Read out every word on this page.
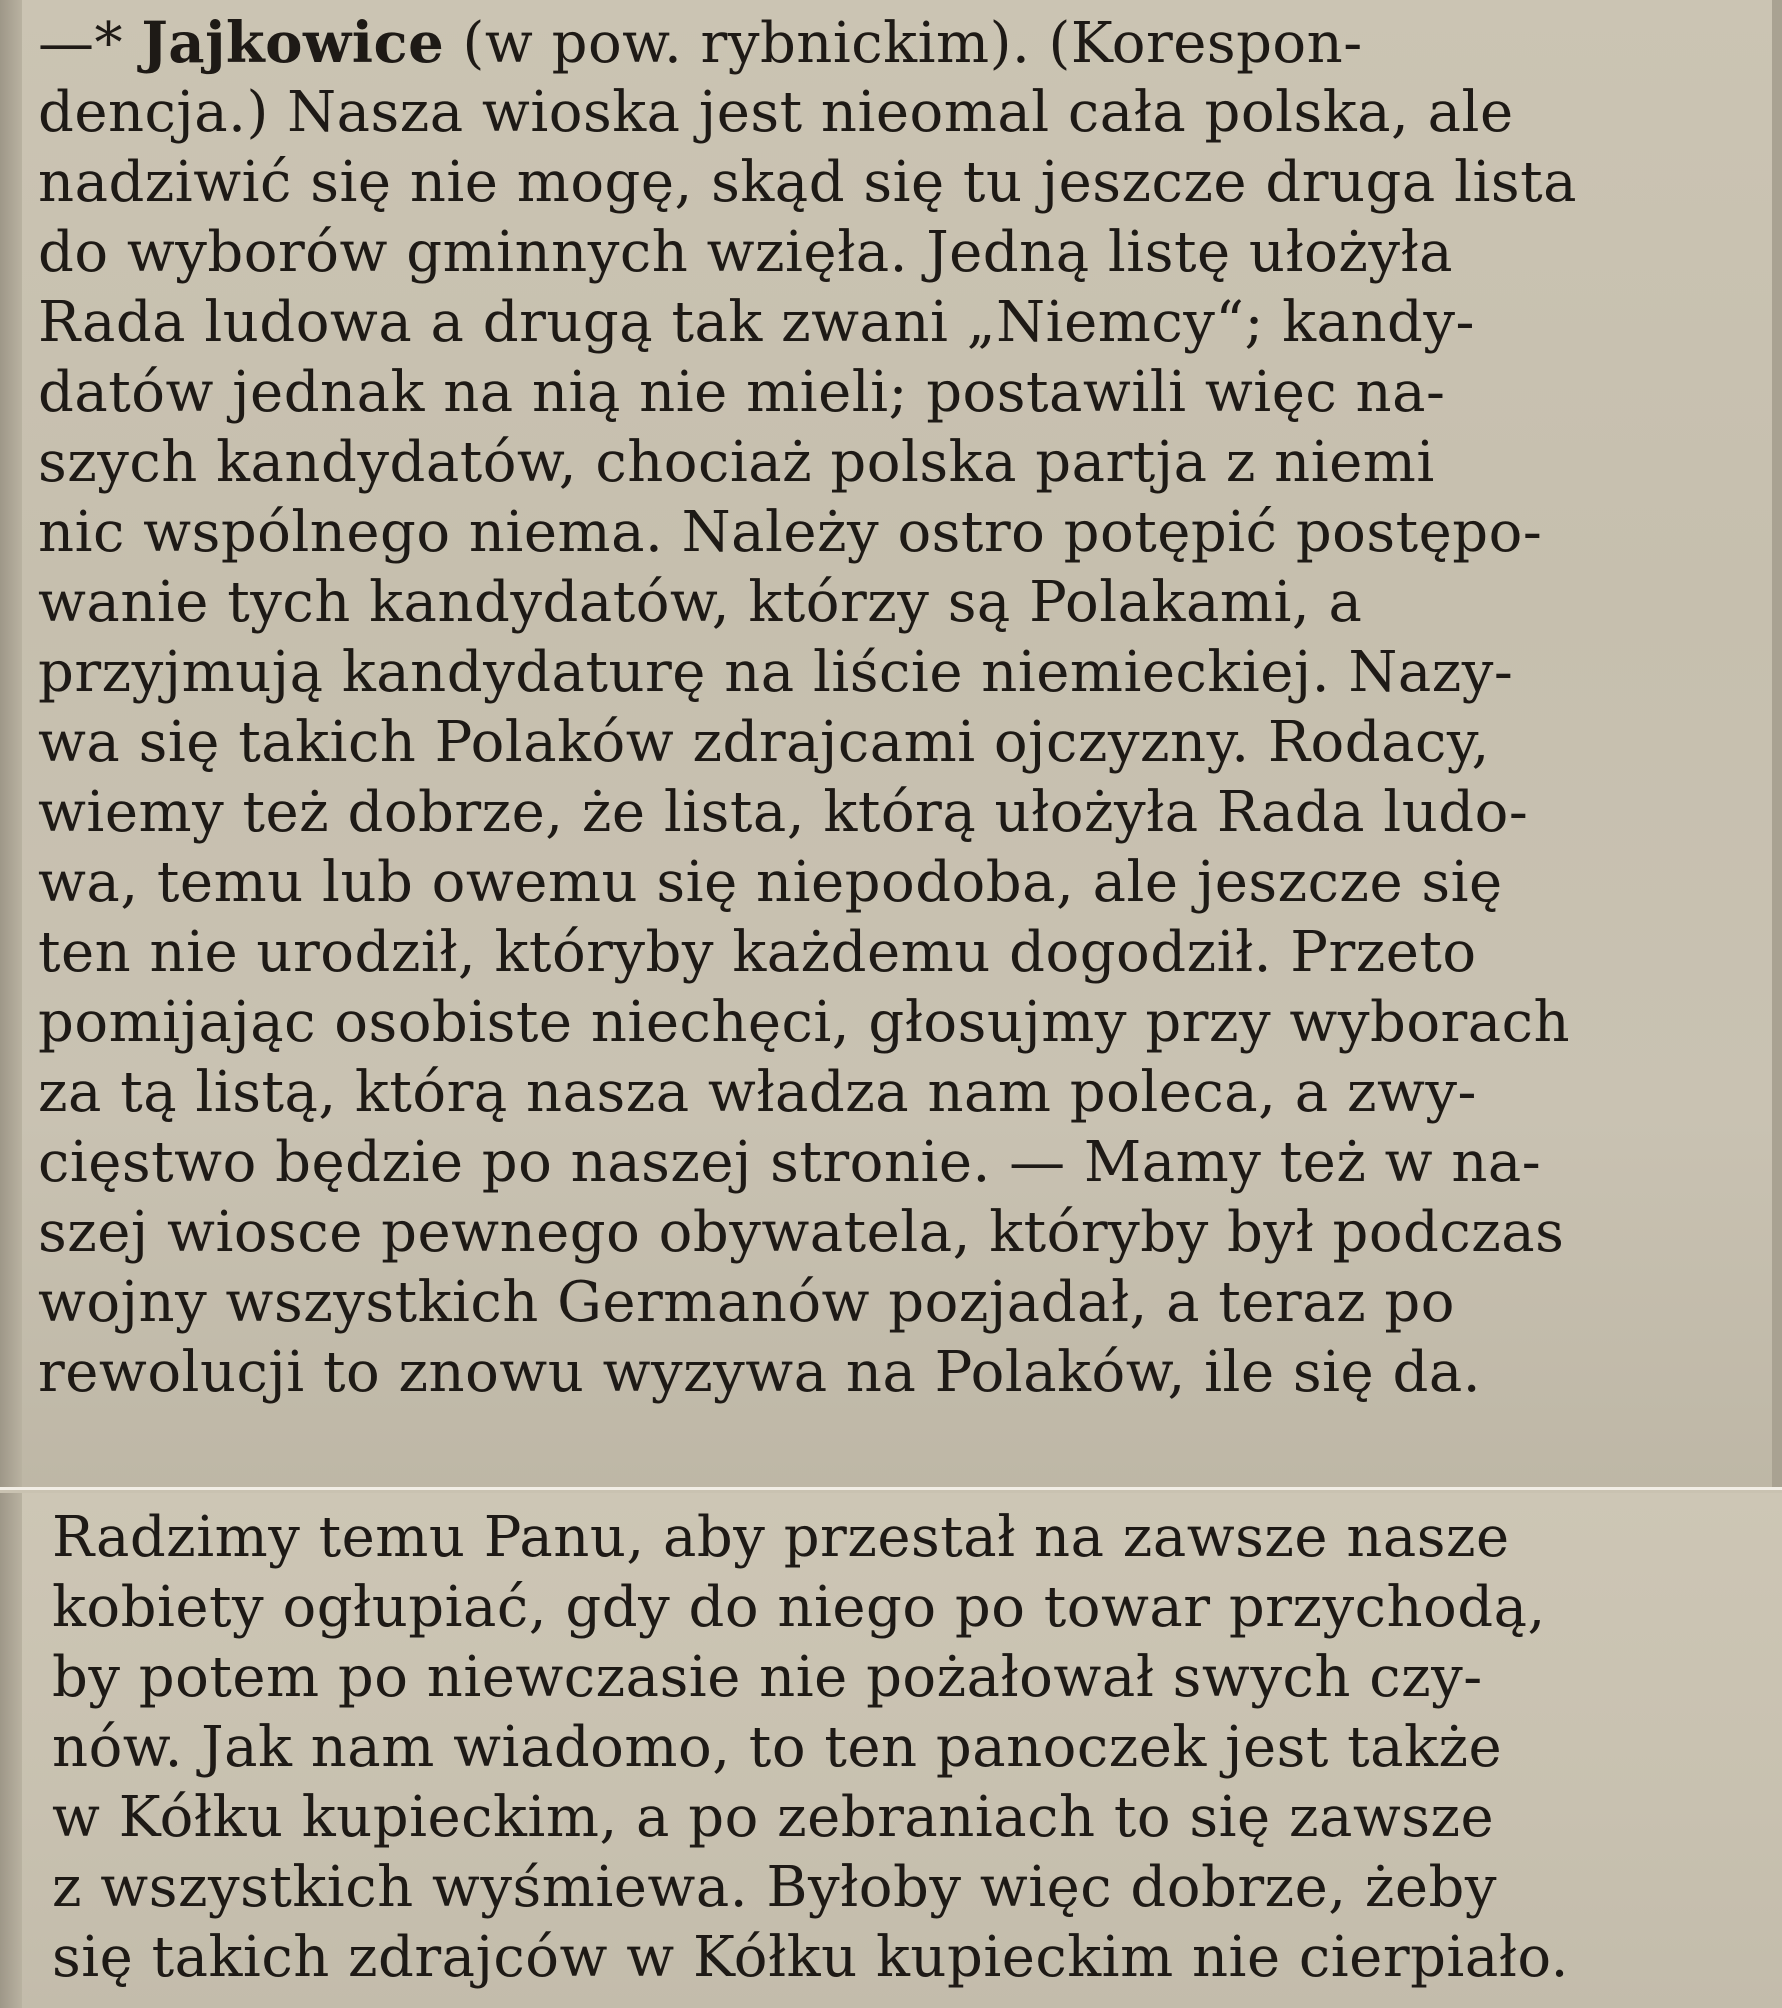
—* Jajkowice (w pow. rybnickim). (Korespon-
dencja.) Nasza wioska jest nieomal cała polska, ale
nadziwić się nie mogę, skąd się tu jeszcze druga lista
do wyborów gminnych wzięła. Jedną listę ułożyła
Rada ludowa a drugą tak zwani „Niemcy“; kandy-
datów jednak na nią nie mieli; postawili więc na-
szych kandydatów, chociaż polska partja z niemi
nic wspólnego niema. Należy ostro potępić postępo-
wanie tych kandydatów, którzy są Polakami, a
przyjmują kandydaturę na liście niemieckiej. Nazy-
wa się takich Polaków zdrajcami ojczyzny. Rodacy,
wiemy też dobrze, że lista, którą ułożyła Rada ludo-
wa, temu lub owemu się niepodoba, ale jeszcze się
ten nie urodził, któryby każdemu dogodził. Przeto
pomijając osobiste niechęci, głosujmy przy wyborach
za tą listą, którą nasza władza nam poleca, a zwy-
cięstwo będzie po naszej stronie. — Mamy też w na-
szej wiosce pewnego obywatela, któryby był podczas
wojny wszystkich Germanów pozjadał, a teraz po
rewolucji to znowu wyzywa na Polaków, ile się da.
Radzimy temu Panu, aby przestał na zawsze nasze
kobiety ogłupiać, gdy do niego po towar przychodą,
by potem po niewczasie nie pożałował swych czy-
nów. Jak nam wiadomo, to ten panoczek jest także
w Kółku kupieckim, a po zebraniach to się zawsze
z wszystkich wyśmiewa. Byłoby więc dobrze, żeby
się takich zdrajców w Kółku kupieckim nie cierpiało.
